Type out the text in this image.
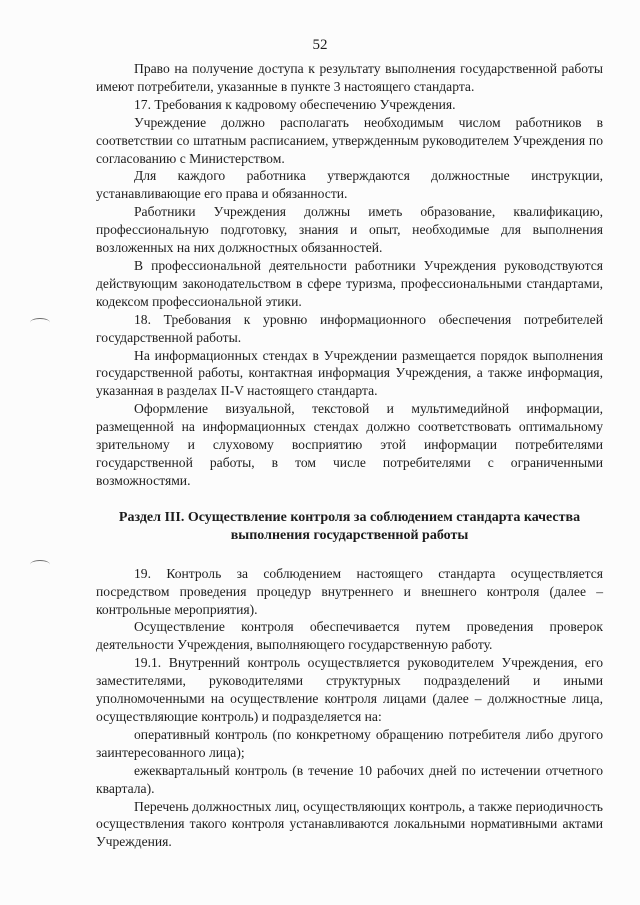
52

Право на получение доступа к результату выполнения государственной работы имеют потребители, указанные в пункте 3 настоящего стандарта.

17. Требования к кадровому обеспечению Учреждения.

Учреждение должно располагать необходимым числом работников в соответствии со штатным расписанием, утвержденным руководителем Учреждения по согласованию с Министерством.

Для каждого работника утверждаются должностные инструкции, устанавливающие его права и обязанности.

Работники Учреждения должны иметь образование, квалификацию, профессиональную подготовку, знания и опыт, необходимые для выполнения возложенных на них должностных обязанностей.

В профессиональной деятельности работники Учреждения руководствуются действующим законодательством в сфере туризма, профессиональными стандартами, кодексом профессиональной этики.

18. Требования к уровню информационного обеспечения потребителей государственной работы.

На информационных стендах в Учреждении размещается порядок выполнения государственной работы, контактная информация Учреждения, а также информация, указанная в разделах II-V настоящего стандарта.

Оформление визуальной, текстовой и мультимедийной информации, размещенной на информационных стендах должно соответствовать оптимальному зрительному и слуховому восприятию этой информации потребителями государственной работы, в том числе потребителями с ограниченными возможностями.

Раздел III. Осуществление контроля за соблюдением стандарта качества выполнения государственной работы

19. Контроль за соблюдением настоящего стандарта осуществляется посредством проведения процедур внутреннего и внешнего контроля (далее – контрольные мероприятия).

Осуществление контроля обеспечивается путем проведения проверок деятельности Учреждения, выполняющего государственную работу.

19.1. Внутренний контроль осуществляется руководителем Учреждения, его заместителями, руководителями структурных подразделений и иными уполномоченными на осуществление контроля лицами (далее – должностные лица, осуществляющие контроль) и подразделяется на:

оперативный контроль (по конкретному обращению потребителя либо другого заинтересованного лица);

ежеквартальный контроль (в течение 10 рабочих дней по истечении отчетного квартала).

Перечень должностных лиц, осуществляющих контроль, а также периодичность осуществления такого контроля устанавливаются локальными нормативными актами Учреждения.
